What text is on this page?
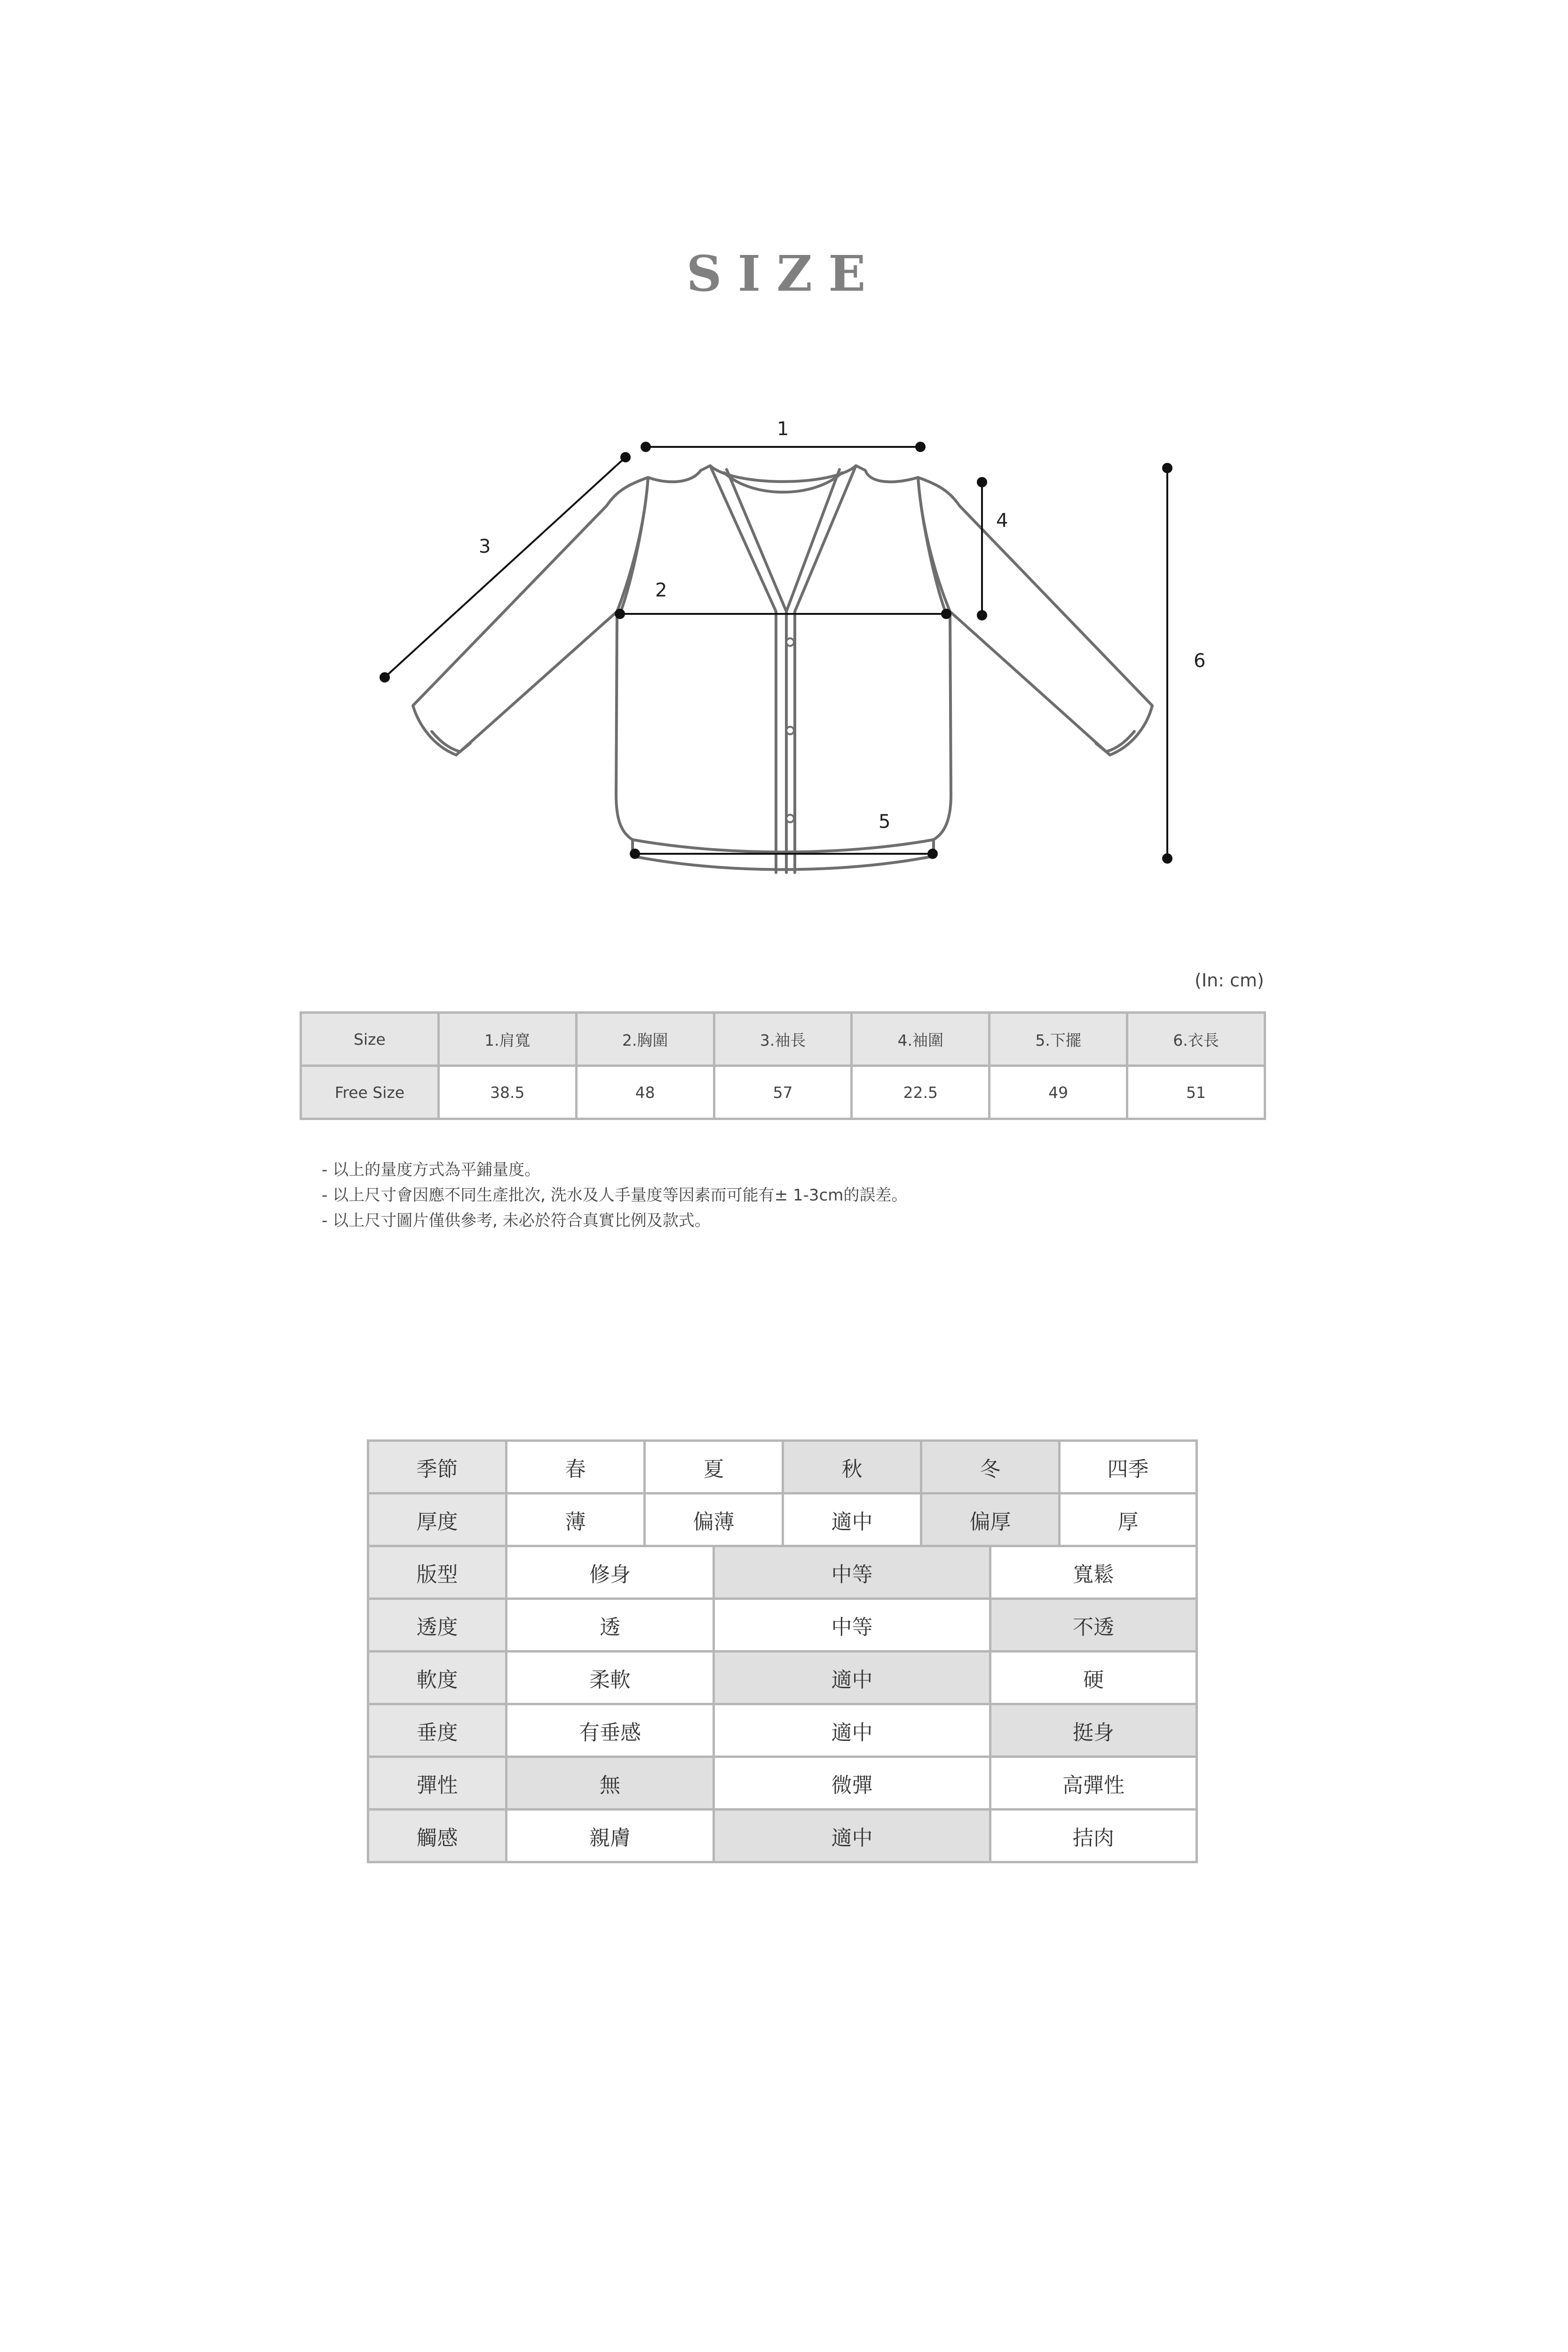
SIZE
1
2
3
4
5
6
(In: cm)
Size	1.肩寬	2.胸圍	3.袖長	4.袖圍	5.下擺	6.衣長
Free Size	38.5	48	57	22.5	49	51
- 以上的量度方式為平鋪量度。
- 以上尺寸會因應不同生產批次, 洗水及人手量度等因素而可能有± 1-3cm的誤差。
- 以上尺寸圖片僅供參考, 未必於符合真實比例及款式。
季節	春	夏		秋	冬		四季
厚度	薄	偏薄		適中	偏厚		厚
版型	修身		中等			寬鬆	
透度	透		中等			不透	
軟度	柔軟		適中			硬	
垂度	有垂感		適中			挺身	
彈性	無		微彈			高彈性	
觸感	親膚		適中			拮肉	
